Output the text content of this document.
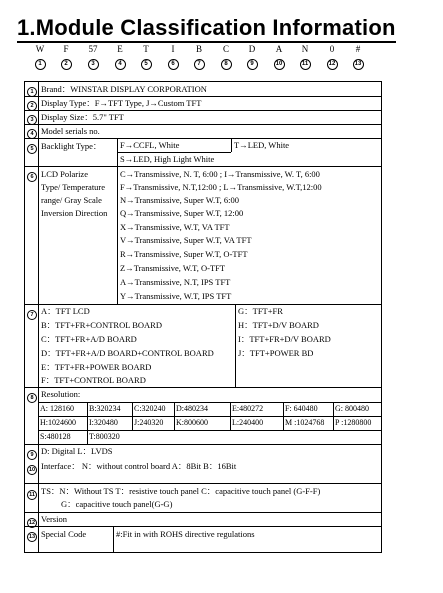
1.Module Classification Information
W	F	57	E	T	I	B	C	D	A	N	0	#
1	2	3	4	5	6	7	8	9	10	11	12	13
1 Brand：WINSTAR DISPLAY CORPORATION
2 Display Type：F→TFT Type, J→Custom TFT
3 Display Size：5.7" TFT
4 Model serials no.
5 Backlight Type： F→CCFL, White	T→LED, White
S→LED, High Light White
6 LCD Polarize
Type/ Temperature
range/ Gray Scale
Inversion Direction
C→Transmissive, N. T, 6:00 ; I→Transmissive, W. T, 6:00
F→Transmissive, N.T,12:00 ; L→Transmissive, W.T,12:00
N→Transmissive, Super W.T, 6:00
Q→Transmissive, Super W.T, 12:00
X→Transmissive, W.T, VA TFT
V→Transmissive, Super W.T, VA TFT
R→Transmissive, Super W.T, O-TFT
Z→Transmissive, W.T, O-TFT
A→Transmissive, N.T, IPS TFT
Y→Transmissive, W.T, IPS TFT
7 A：TFT LCD
B：TFT+FR+CONTROL BOARD
C：TFT+FR+A/D BOARD
D：TFT+FR+A/D BOARD+CONTROL BOARD
E：TFT+FR+POWER BOARD
F：TFT+CONTROL BOARD
G：TFT+FR
H：TFT+D/V BOARD
I：TFT+FR+D/V BOARD
J：TFT+POWER BD
8 Resolution:
A: 128160 B:320234 C:320240 D:480234	E:480272	F: 640480 G: 800480
H:1024600 I:320480 J:240320 K:800600	L:240400	M :1024768 P :1280800
S:480128 T:800320
9 D: Digital L：LVDS
10 Interface： N：without control board A：8Bit B：16Bit
11 TS：N：Without TS T：resistive touch panel C：capacitive touch panel (G-F-F)
G：capacitive touch panel(G-G)
12 Version
13 Special Code	#:Fit in with ROHS directive regulations
